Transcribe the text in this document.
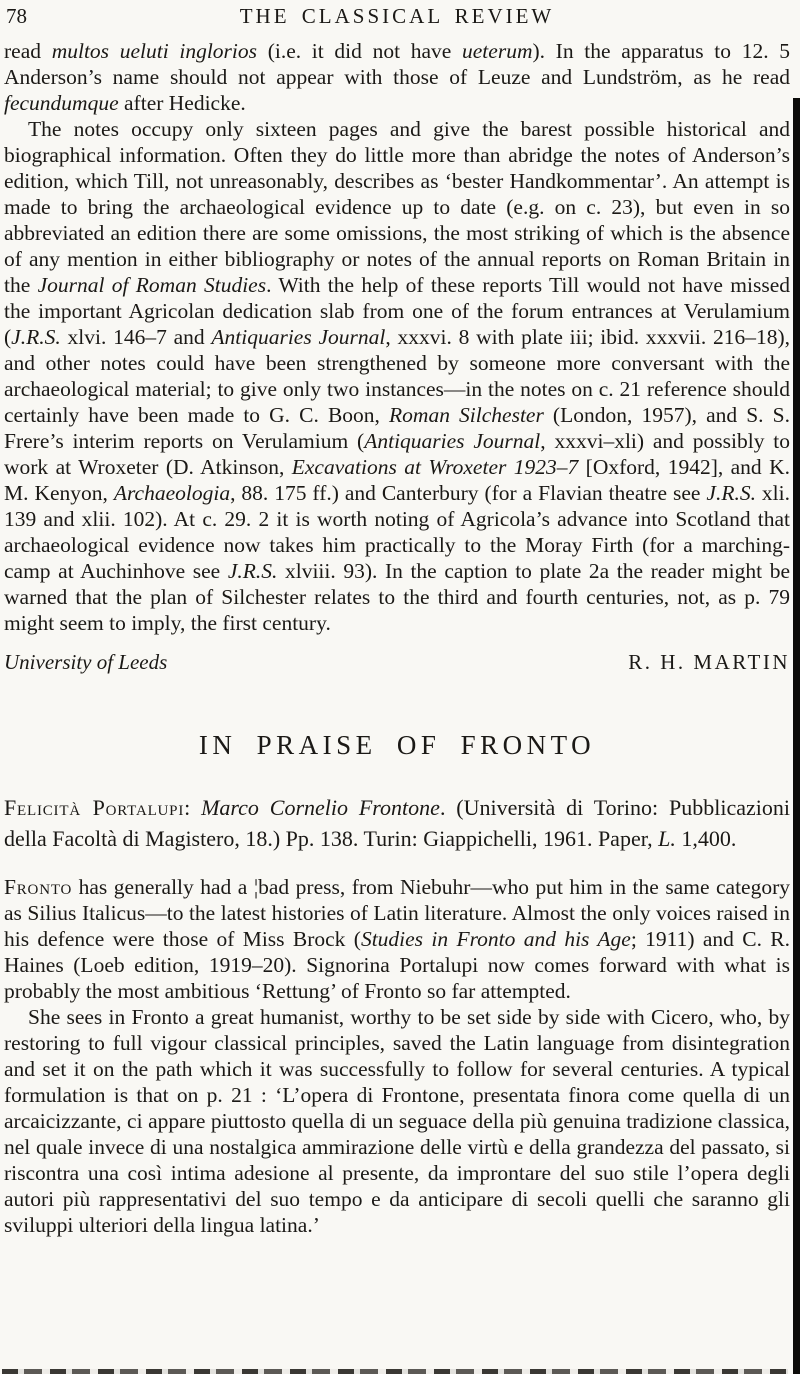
78	THE CLASSICAL REVIEW

read multos ueluti inglorios (i.e. it did not have ueterum). In the apparatus to 12. 5 Anderson’s name should not appear with those of Leuze and Lundström, as he read fecundumque after Hedicke.

The notes occupy only sixteen pages and give the barest possible historical and biographical information. Often they do little more than abridge the notes of Anderson’s edition, which Till, not unreasonably, describes as ‘bester Handkommentar’. An attempt is made to bring the archaeological evidence up to date (e.g. on c. 23), but even in so abbreviated an edition there are some omissions, the most striking of which is the absence of any mention in either bibliography or notes of the annual reports on Roman Britain in the Journal of Roman Studies. With the help of these reports Till would not have missed the important Agricolan dedication slab from one of the forum entrances at Verulamium (J.R.S. xlvi. 146–7 and Antiquaries Journal, xxxvi. 8 with plate iii; ibid. xxxvii. 216–18), and other notes could have been strengthened by someone more conversant with the archaeological material; to give only two instances—in the notes on c. 21 reference should certainly have been made to G. C. Boon, Roman Silchester (London, 1957), and S. S. Frere’s interim reports on Verulamium (Antiquaries Journal, xxxvi–xli) and possibly to work at Wroxeter (D. Atkinson, Excavations at Wroxeter 1923–7 [Oxford, 1942], and K. M. Kenyon, Archaeologia, 88. 175 ff.) and Canterbury (for a Flavian theatre see J.R.S. xli. 139 and xlii. 102). At c. 29. 2 it is worth noting of Agricola’s advance into Scotland that archaeological evidence now takes him practically to the Moray Firth (for a marching-camp at Auchinhove see J.R.S. xlviii. 93). In the caption to plate 2a the reader might be warned that the plan of Silchester relates to the third and fourth centuries, not, as p. 79 might seem to imply, the first century.

University of Leeds	R. H. MARTIN
IN PRAISE OF FRONTO

Felicità Portalupi: Marco Cornelio Frontone. (Università di Torino: Pubblicazioni della Facoltà di Magistero, 18.) Pp. 138. Turin: Giappichelli, 1961. Paper, L. 1,400.

Fronto has generally had a ¦bad press, from Niebuhr—who put him in the same category as Silius Italicus—to the latest histories of Latin literature. Almost the only voices raised in his defence were those of Miss Brock (Studies in Fronto and his Age; 1911) and C. R. Haines (Loeb edition, 1919–20). Signorina Portalupi now comes forward with what is probably the most ambitious ‘Rettung’ of Fronto so far attempted.

She sees in Fronto a great humanist, worthy to be set side by side with Cicero, who, by restoring to full vigour classical principles, saved the Latin language from disintegration and set it on the path which it was successfully to follow for several centuries. A typical formulation is that on p. 21 : ‘L’opera di Frontone, presentata finora come quella di un arcaicizzante, ci appare piuttosto quella di un seguace della più genuina tradizione classica, nel quale invece di una nostalgica ammirazione delle virtù e della grandezza del passato, si riscontra una così intima adesione al presente, da improntare del suo stile l’opera degli autori più rappresentativi del suo tempo e da anticipare di secoli quelli che saranno gli sviluppi ulteriori della lingua latina.’
